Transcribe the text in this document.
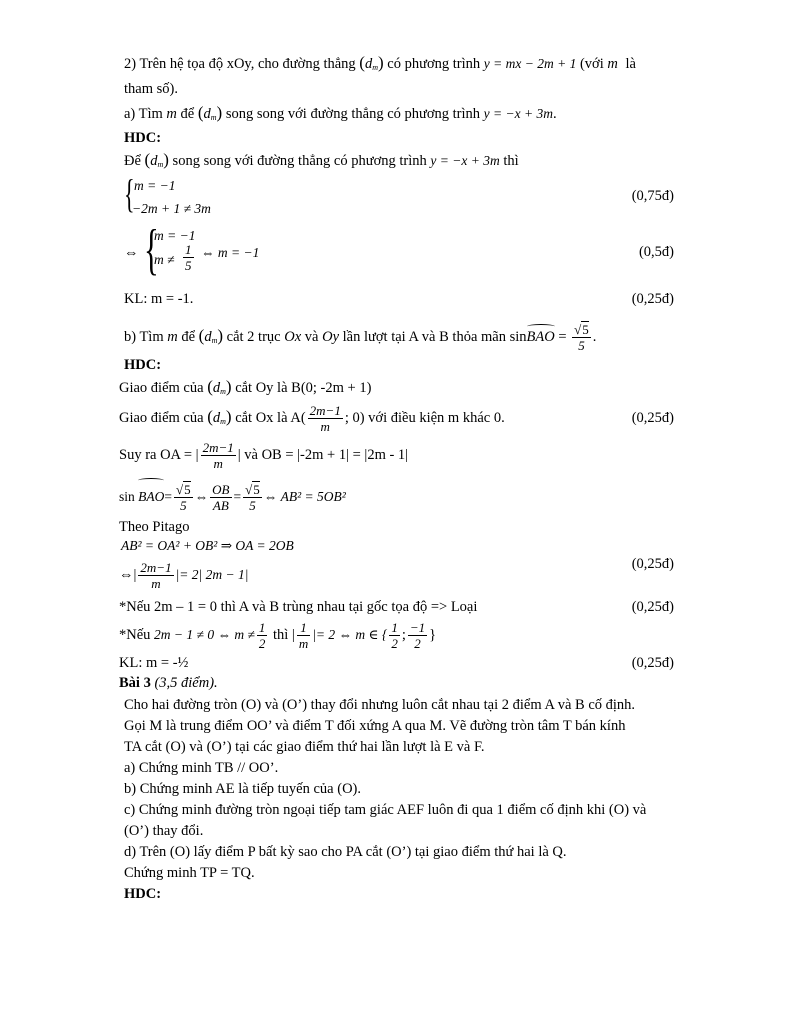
2) Trên hệ tọa độ xOy, cho đường thẳng $(d_m)$ có phương trình y = mx − 2m + 1 (với m là
tham số).
a) Tìm m để $(d_m)$ song song với đường thẳng có phương trình y = −x + 3m.
HDC:
Để $(d_m)$ song song với đường thẳng có phương trình y = −x + 3m thì
{ m = −1
−2m + 1 ≠ 3m
(0,75đ)
⇔ {
m = −1
$m \ne \frac{1}{5}$ ⇔ m = −1	(0,5đ)
KL: m = -1.	(0,25đ)
b) Tìm m để $(d_m)$ cắt 2 trục Ox và Oy lần lượt tại A và B thỏa mãn sinBAO = $\frac{√5}{5}$ .
HDC:
Giao điểm của $(d_m)$ cắt Oy là B(0; -2m + 1)
Giao điểm của $(d_m)$ cắt Ox là $A( \frac{2m-1}{m}$ ; 0) với điều kiện m khác 0.	(0,25đ)
Suy ra OA = | $\frac{2m-1}{m}$ | và OB = |-2m + 1| = |2m - 1|
$\sin BAO= \frac{√5}{5}$ ⇔ $\frac{OB}{AB} = \frac{√5}{5}$ ⇔ AB² = 5OB²
Theo Pitago
AB² = OA² + OB² ⇒ OA = 2OB
⇔| $\frac{2m-1}{m}$ |= 2| 2m − 1|
(0,25đ)
*Nếu 2m – 1 = 0 thì A và B trùng nhau tại gốc tọa độ => Loại	(0,25đ)
*Nếu 2m − 1 ≠ 0 ⇔ $m \ne \frac{1}{2}$ thì | $\frac{1}{m}$ |= 2 ⇔ m ∈ { $\frac{1}{2}$ ; $\frac{-1}{2}$ }
KL: m = -½	(0,25đ)
Bài 3 (3,5 điểm).
Cho hai đường tròn (O) và (O’) thay đổi nhưng luôn cắt nhau tại 2 điểm A và B cố định.
Gọi M là trung điểm OO’ và điểm T đối xứng A qua M. Vẽ đường tròn tâm T bán kính
TA cắt (O) và (O’) tại các giao điểm thứ hai lần lượt là E và F.
a) Chứng minh TB // OO’.
b) Chứng minh AE là tiếp tuyến của (O).
c) Chứng minh đường tròn ngoại tiếp tam giác AEF luôn đi qua 1 điểm cố định khi (O) và
(O’) thay đổi.
d) Trên (O) lấy điểm P bất kỳ sao cho PA cắt (O’) tại giao điểm thứ hai là Q.
Chứng minh TP = TQ.
HDC:
